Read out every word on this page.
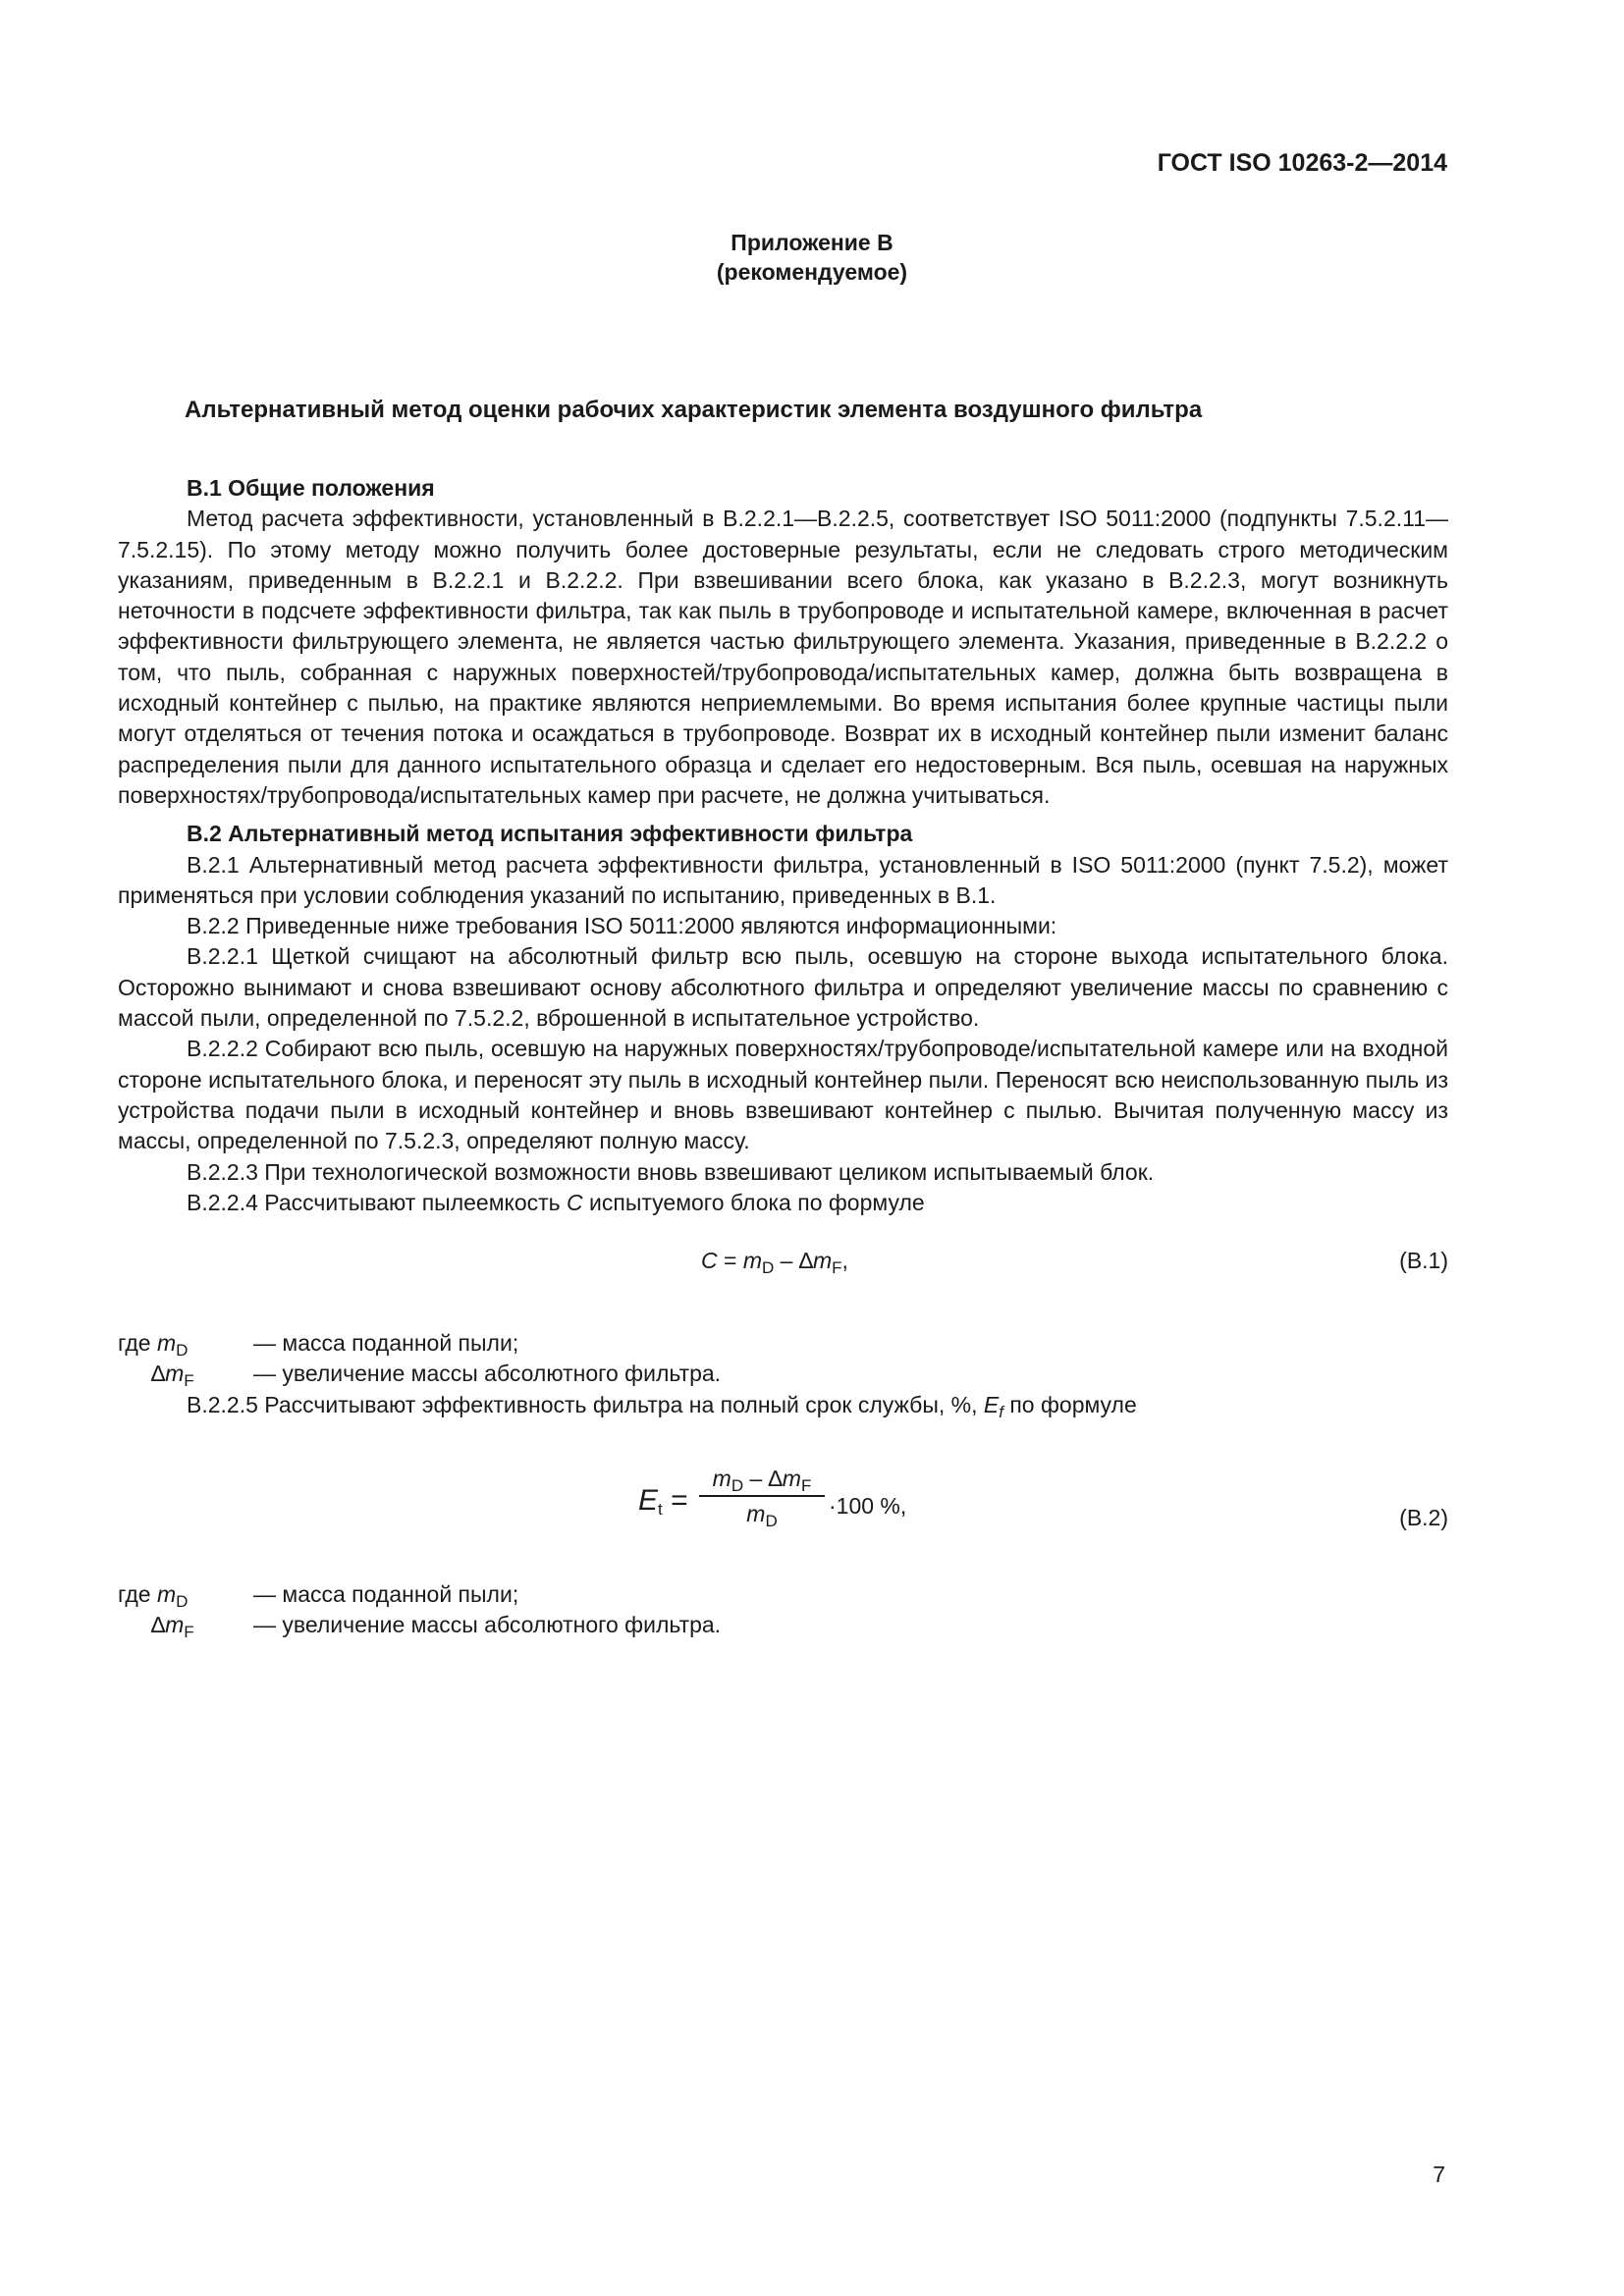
ГОСТ ISO 10263-2—2014
Приложение В
(рекомендуемое)
Альтернативный метод оценки рабочих характеристик элемента воздушного фильтра

В.1 Общие положения

Метод расчета эффективности, установленный в В.2.2.1—В.2.2.5, соответствует ISO 5011:2000 (подпункты 7.5.2.11—7.5.2.15). По этому методу можно получить более достоверные результаты, если не следовать строго методическим указаниям, приведенным в В.2.2.1 и В.2.2.2. При взвешивании всего блока, как указано в В.2.2.3, могут возникнуть неточности в подсчете эффективности фильтра, так как пыль в трубопроводе и испытательной камере, включенная в расчет эффективности фильтрующего элемента, не является частью фильтрующего элемента. Указания, приведенные в В.2.2.2 о том, что пыль, собранная с наружных поверхностей/трубопровода/испытательных камер, должна быть возвращена в исходный контейнер с пылью, на практике являются неприемлемыми. Во время испытания более крупные частицы пыли могут отделяться от течения потока и осаждаться в трубопроводе. Возврат их в исходный контейнер пыли изменит баланс распределения пыли для данного испытательного образца и сделает его недостоверным. Вся пыль, осевшая на наружных поверхностях/трубопровода/испытательных камер при расчете, не должна учитываться.

В.2 Альтернативный метод испытания эффективности фильтра

В.2.1 Альтернативный метод расчета эффективности фильтра, установленный в ISO 5011:2000 (пункт 7.5.2), может применяться при условии соблюдения указаний по испытанию, приведенных в В.1.

В.2.2 Приведенные ниже требования ISO 5011:2000 являются информационными:

В.2.2.1 Щеткой счищают на абсолютный фильтр всю пыль, осевшую на стороне выхода испытательного блока. Осторожно вынимают и снова взвешивают основу абсолютного фильтра и определяют увеличение массы по сравнению с массой пыли, определенной по 7.5.2.2, вброшенной в испытательное устройство.

В.2.2.2 Собирают всю пыль, осевшую на наружных поверхностях/трубопроводе/испытательной камере или на входной стороне испытательного блока, и переносят эту пыль в исходный контейнер пыли. Переносят всю неиспользованную пыль из устройства подачи пыли в исходный контейнер и вновь взвешивают контейнер с пылью. Вычитая полученную массу из массы, определенной по 7.5.2.3, определяют полную массу.

В.2.2.3 При технологической возможности вновь взвешивают целиком испытываемый блок.

В.2.2.4 Рассчитывают пылеемкость C испытуемого блока по формуле

$C = m_D - \Delta m_F$,	(В.1)
где $m_D$	— масса поданной пыли;
$\Delta m_F$	— увеличение массы абсолютного фильтра.

В.2.2.5 Рассчитывают эффективность фильтра на полный срок службы, %, $E_f$ по формуле

$E_t$ =
$m_D - \Delta m_F$
$m_D$
·100 %,	(В.2)
где $m_D$	— масса поданной пыли;
$\Delta m_F$	— увеличение массы абсолютного фильтра.
7
